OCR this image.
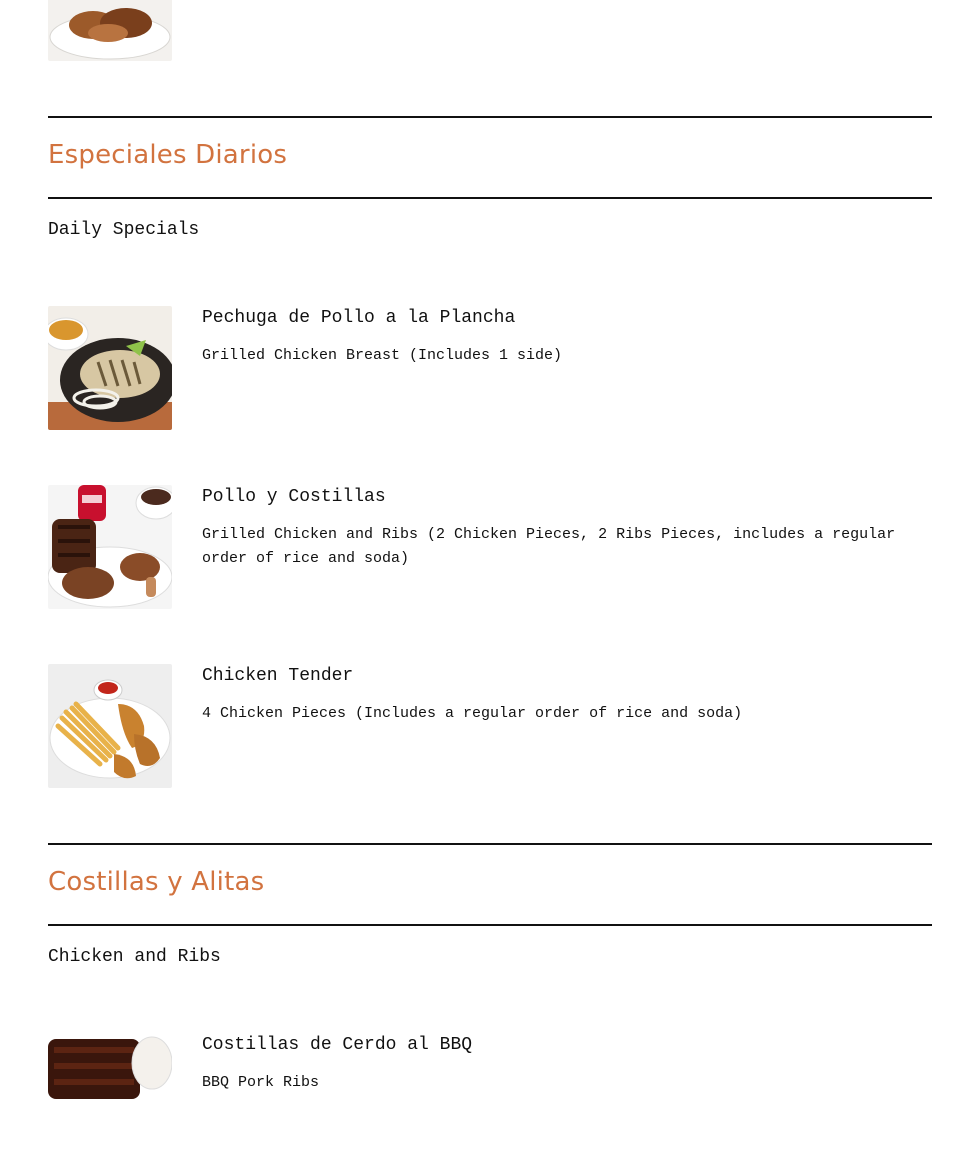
Especiales Diarios
Daily Specials
Pechuga de Pollo a la Plancha
Grilled Chicken Breast (Includes 1 side)
Pollo y Costillas
Grilled Chicken and Ribs (2 Chicken Pieces, 2 Ribs Pieces, includes a regular order of rice and soda)
Chicken Tender
4 Chicken Pieces (Includes a regular order of rice and soda)
Costillas y Alitas
Chicken and Ribs
Costillas de Cerdo al BBQ
BBQ Pork Ribs
